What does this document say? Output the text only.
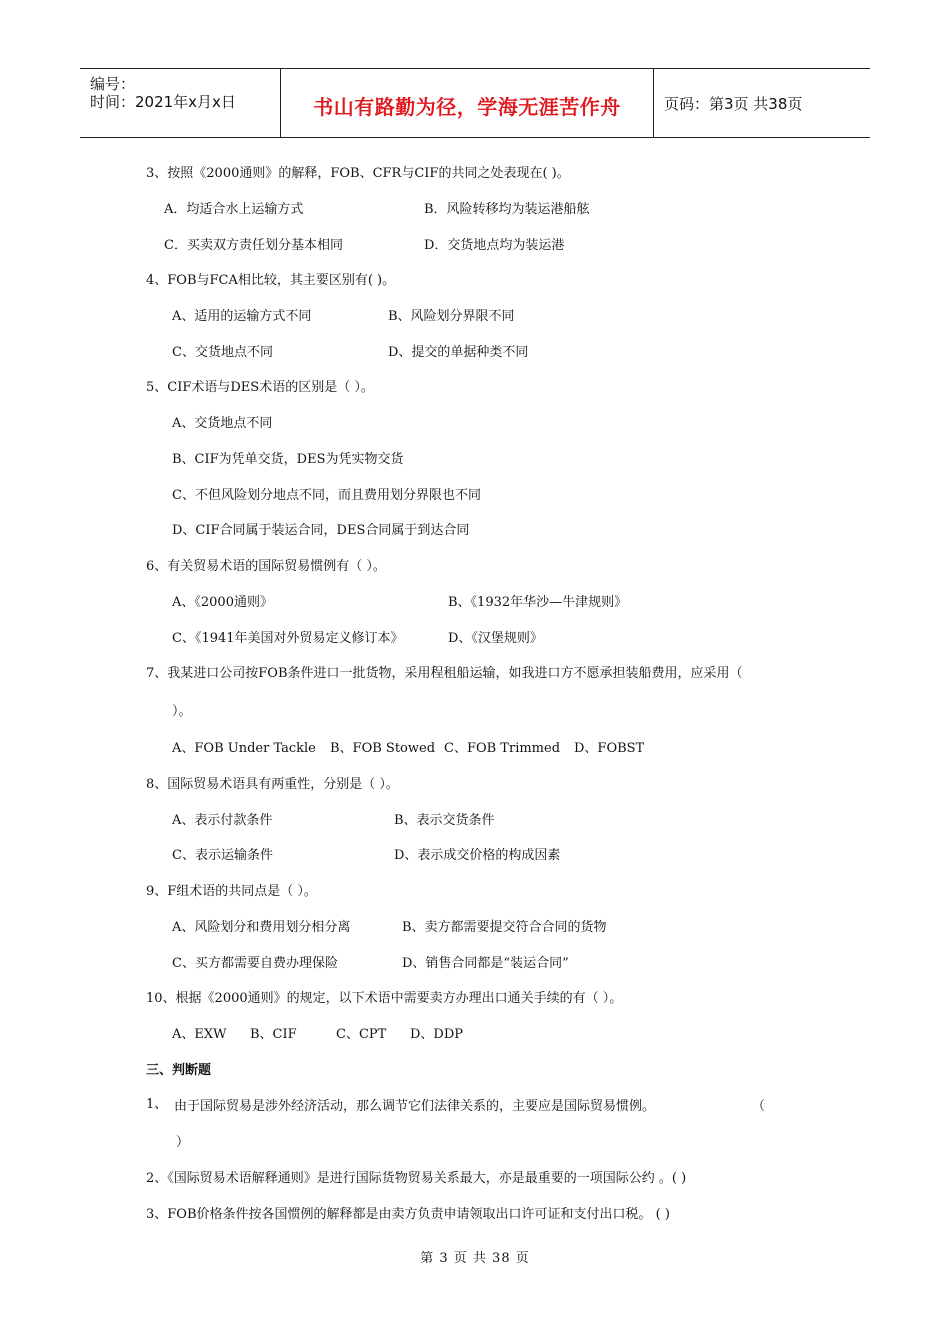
编号：
时间：2021年x月x日	书山有路勤为径，学海无涯苦作舟	页码：第3页 共38页
3、按照《2000通则》的解释，FOB、CFR与CIF的共同之处表现在( )。
A．均适合水上运输方式	B．风险转移均为装运港船舷
C．买卖双方责任划分基本相同	D．交货地点均为装运港
4、FOB与FCA相比较，其主要区别有( )。
A、适用的运输方式不同	B、风险划分界限不同
C、交货地点不同	D、提交的单据种类不同
5、CIF术语与DES术语的区别是（ ）。
A、交货地点不同
B、CIF为凭单交货，DES为凭实物交货
C、不但风险划分地点不同，而且费用划分界限也不同
D、CIF合同属于装运合同，DES合同属于到达合同
6、有关贸易术语的国际贸易惯例有（ ）。
A、《2000通则》	B、《1932年华沙—牛津规则》
C、《1941年美国对外贸易定义修订本》	D、《汉堡规则》
7、我某进口公司按FOB条件进口一批货物，采用程租船运输，如我进口方不愿承担装船费用，应采用（
）。
A、FOB Under Tackle B、FOB Stowed C、FOB Trimmed D、FOBST
8、国际贸易术语具有两重性，分别是（ ）。
A、表示付款条件	B、表示交货条件
C、表示运输条件	D、表示成交价格的构成因素
9、F组术语的共同点是（ ）。
A、风险划分和费用划分相分离	B、卖方都需要提交符合合同的货物
C、买方都需要自费办理保险	D、销售合同都是“装运合同”
10、根据《2000通则》的规定，以下术语中需要卖方办理出口通关手续的有（ ）。
A、EXW B、CIF	C、CPT D、DDP
三、判断题
1、 由于国际贸易是涉外经济活动，那么调节它们法律关系的，主要应是国际贸易惯例。	（
）
2、《国际贸易术语解释通则》是进行国际货物贸易关系最大，亦是最重要的一项国际公约 。( )
3、FOB价格条件按各国惯例的解释都是由卖方负责申请领取出口许可证和支付出口税。 ( )
第 3 页 共 38 页
